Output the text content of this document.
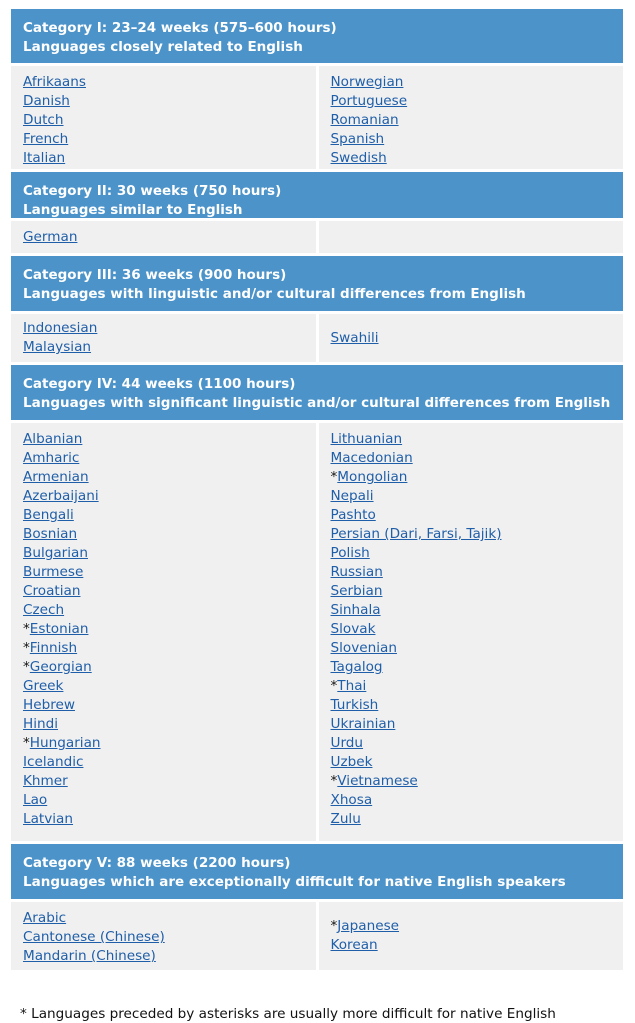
Category I: 23–24 weeks (575–600 hours)
Languages closely related to English
Afrikaans
Danish
Dutch
French
Italian
Norwegian
Portuguese
Romanian
Spanish
Swedish
Category II: 30 weeks (750 hours)
Languages similar to English
German
Category III: 36 weeks (900 hours)
Languages with linguistic and/or cultural differences from English
Indonesian
Malaysian
Swahili
Category IV: 44 weeks (1100 hours)
Languages with significant linguistic and/or cultural differences from English
Albanian
Amharic
Armenian
Azerbaijani
Bengali
Bosnian
Bulgarian
Burmese
Croatian
Czech
*Estonian
*Finnish
*Georgian
Greek
Hebrew
Hindi
*Hungarian
Icelandic
Khmer
Lao
Latvian
Lithuanian
Macedonian
*Mongolian
Nepali
Pashto
Persian (Dari, Farsi, Tajik)
Polish
Russian
Serbian
Sinhala
Slovak
Slovenian
Tagalog
*Thai
Turkish
Ukrainian
Urdu
Uzbek
*Vietnamese
Xhosa
Zulu
Category V: 88 weeks (2200 hours)
Languages which are exceptionally difficult for native English speakers
Arabic
Cantonese (Chinese)
Mandarin (Chinese)
*Japanese
Korean
* Languages preceded by asterisks are usually more difficult for native English
